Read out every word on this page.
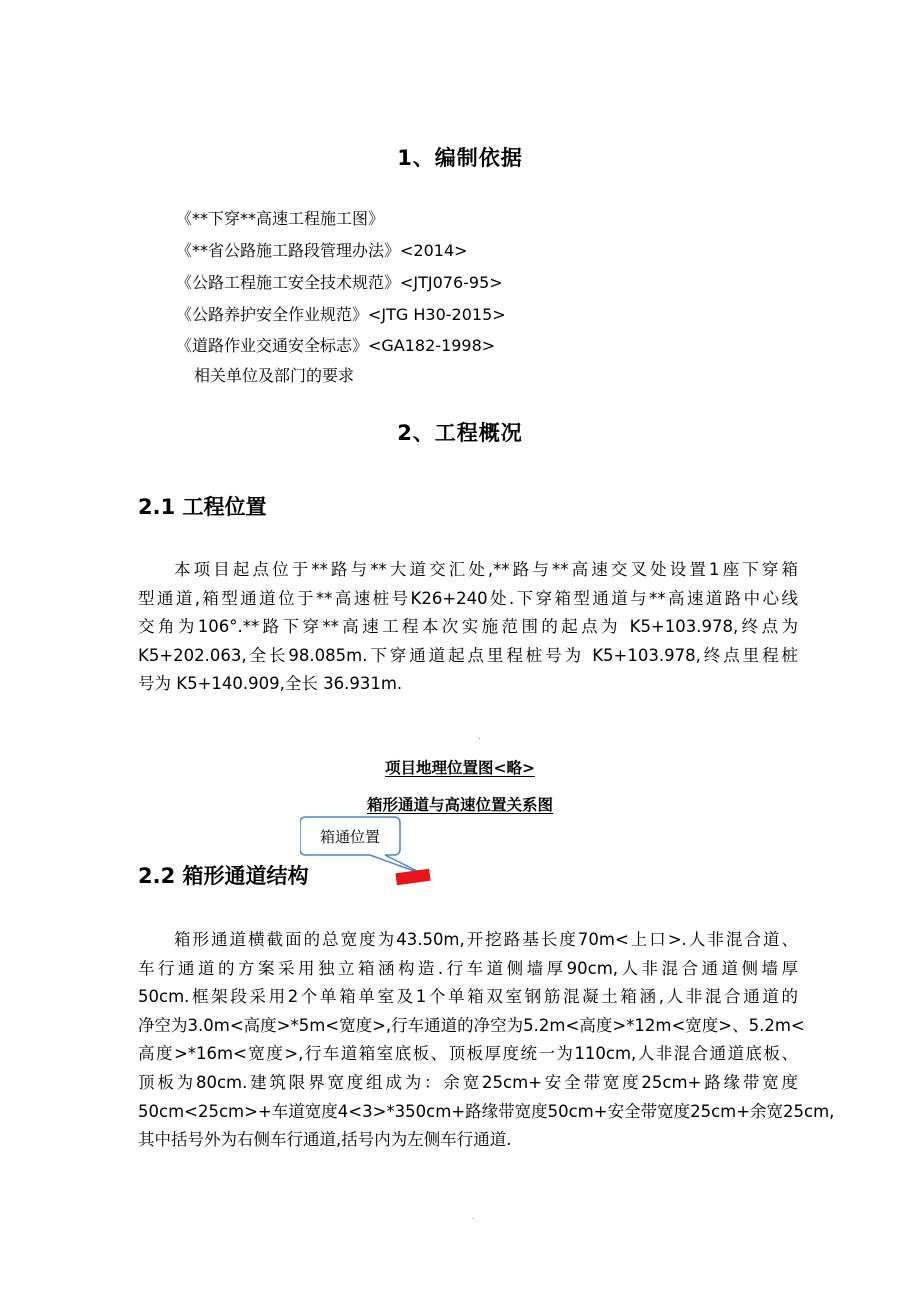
1、编制依据
《**下穿**高速工程施工图》
《**省公路施工路段管理办法》<2014>
《公路工程施工安全技术规范》<JTJ076-95>
《公路养护安全作业规范》<JTG H30-2015>
《道路作业交通安全标志》<GA182-1998>
相关单位及部门的要求
2、工程概况
2.1 工程位置
本项目起点位于**路与**大道交汇处,**路与**高速交叉处设置1座下穿箱
型通道,箱型通道位于**高速桩号K26+240处.下穿箱型通道与**高速道路中心线
交角为106°.**路下穿**高速工程本次实施范围的起点为 K5+103.978,终点为
K5+202.063,全长98.085m.下穿通道起点里程桩号为 K5+103.978,终点里程桩
号为 K5+140.909,全长 36.931m.
.
项目地理位置图<略>
箱形通道与高速位置关系图
箱通位置
2.2 箱形通道结构
箱形通道横截面的总宽度为43.50m,开挖路基长度70m<上口>.人非混合道、
车行通道的方案采用独立箱涵构造.行车道侧墙厚90cm,人非混合通道侧墙厚
50cm.框架段采用2个单箱单室及1个单箱双室钢筋混凝土箱涵,人非混合通道的
净空为3.0m<高度>*5m<宽度>,行车通道的净空为5.2m<高度>*12m<宽度>、5.2m<
高度>*16m<宽度>,行车道箱室底板、顶板厚度统一为110cm,人非混合通道底板、
顶板为80cm.建筑限界宽度组成为：余宽25cm+安全带宽度25cm+路缘带宽度
50cm<25cm>+车道宽度4<3>*350cm+路缘带宽度50cm+安全带宽度25cm+余宽25cm,
其中括号外为右侧车行通道,括号内为左侧车行通道.
.
